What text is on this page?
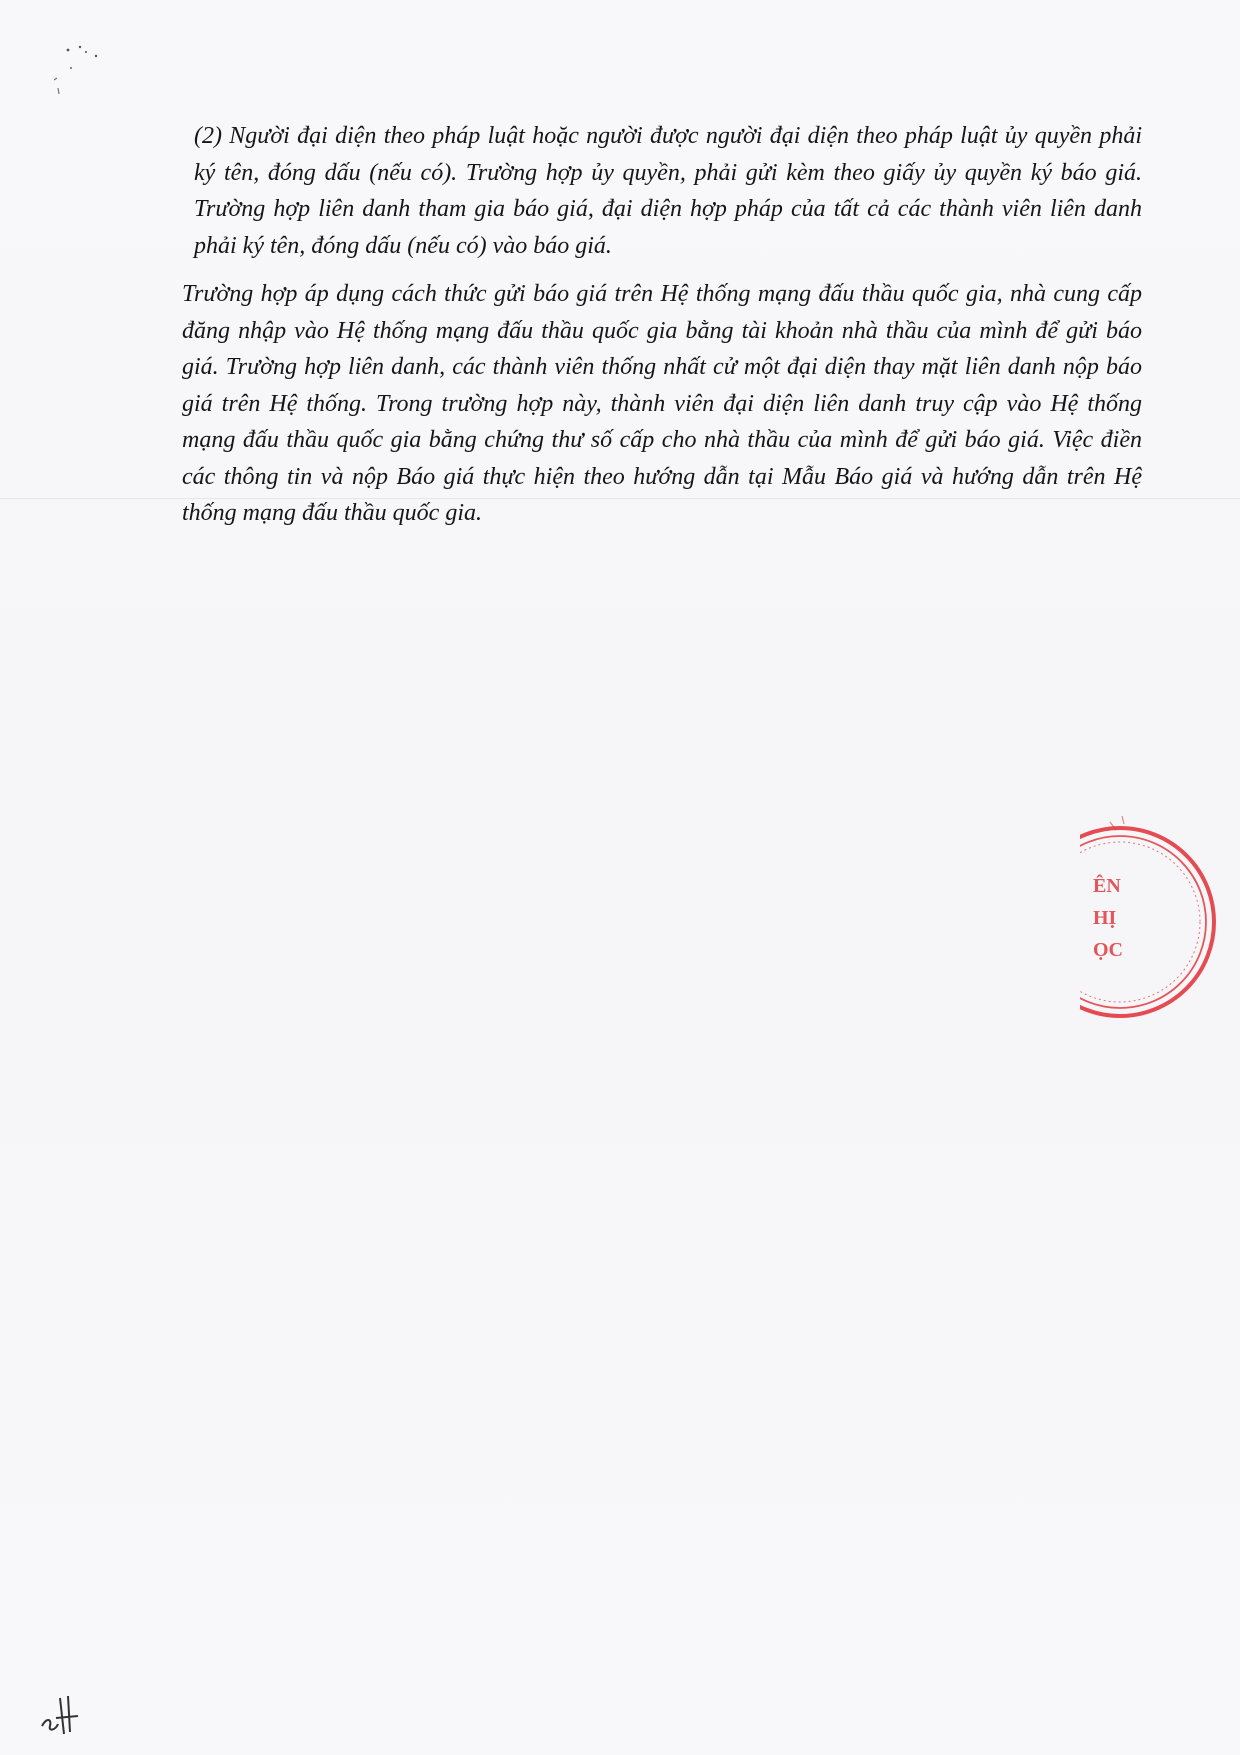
(2) Người đại diện theo pháp luật hoặc người được người đại diện theo pháp luật ủy quyền phải ký tên, đóng dấu (nếu có). Trường hợp ủy quyền, phải gửi kèm theo giấy ủy quyền ký báo giá. Trường hợp liên danh tham gia báo giá, đại diện hợp pháp của tất cả các thành viên liên danh phải ký tên, đóng dấu (nếu có) vào báo giá.

Trường hợp áp dụng cách thức gửi báo giá trên Hệ thống mạng đấu thầu quốc gia, nhà cung cấp đăng nhập vào Hệ thống mạng đấu thầu quốc gia bằng tài khoản nhà thầu của mình để gửi báo giá. Trường hợp liên danh, các thành viên thống nhất cử một đại diện thay mặt liên danh nộp báo giá trên Hệ thống. Trong trường hợp này, thành viên đại diện liên danh truy cập vào Hệ thống mạng đấu thầu quốc gia bằng chứng thư số cấp cho nhà thầu của mình để gửi báo giá. Việc điền các thông tin và nộp Báo giá thực hiện theo hướng dẫn tại Mẫu Báo giá và hướng dẫn trên Hệ thống mạng đấu thầu quốc gia.

ÊN
HỊ
ỌC
